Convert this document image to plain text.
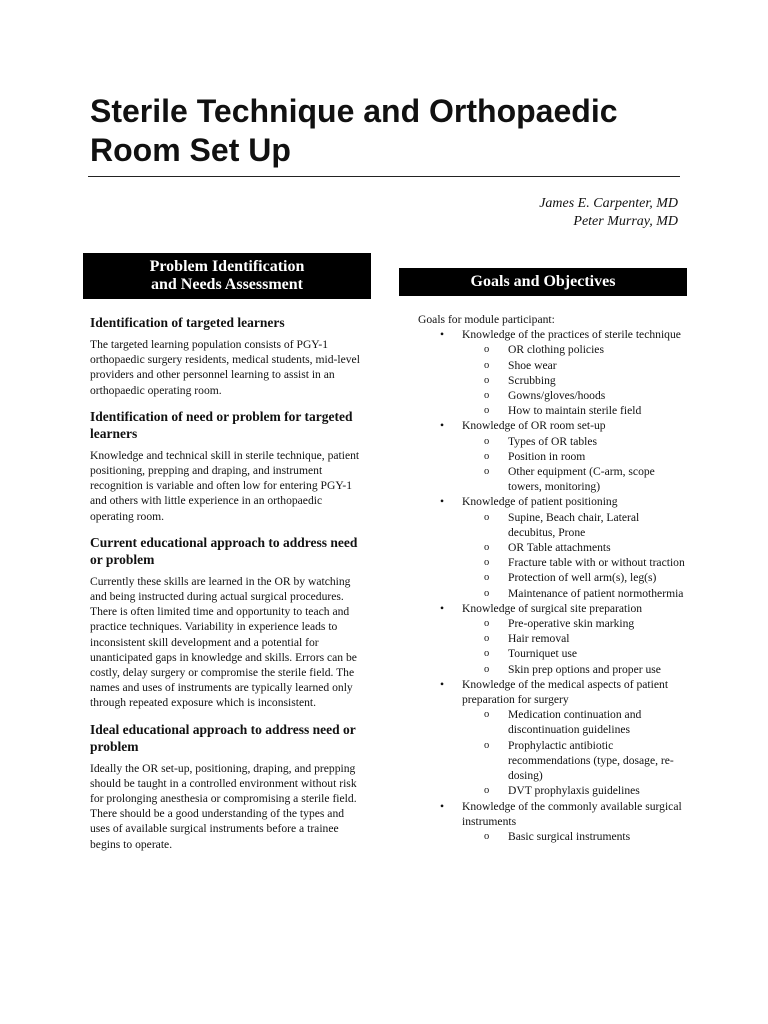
Sterile Technique and Orthopaedic Room Set Up
James E. Carpenter, MD
Peter Murray, MD
Problem Identification
and Needs Assessment	Goals and Objectives
Identification of targeted learners
The targeted learning population consists of PGY-1 orthopaedic surgery residents, medical students, mid-level providers and other personnel learning to assist in an orthopaedic operating room.
Identification of need or problem for targeted learners
Knowledge and technical skill in sterile technique, patient positioning, prepping and draping, and instrument recognition is variable and often low for entering PGY-1 and others with little experience in an orthopaedic operating room.
Current educational approach to address need or problem
Currently these skills are learned in the OR by watching and being instructed during actual surgical procedures. There is often limited time and opportunity to teach and practice techniques. Variability in experience leads to inconsistent skill development and a potential for unanticipated gaps in knowledge and skills. Errors can be costly, delay surgery or compromise the sterile field. The names and uses of instruments are typically learned only through repeated exposure which is inconsistent.
Ideal educational approach to address need or problem
Ideally the OR set-up, positioning, draping, and prepping should be taught in a controlled environment without risk for prolonging anesthesia or compromising a sterile field. There should be a good understanding of the types and uses of available surgical instruments before a trainee begins to operate.
Goals for module participant:
• Knowledge of the practices of sterile technique
o OR clothing policies
o Shoe wear
o Scrubbing
o Gowns/gloves/hoods
o How to maintain sterile field
• Knowledge of OR room set-up
o Types of OR tables
o Position in room
o Other equipment (C-arm, scope towers, monitoring)
• Knowledge of patient positioning
o Supine, Beach chair, Lateral decubitus, Prone
o OR Table attachments
o Fracture table with or without traction
o Protection of well arm(s), leg(s)
o Maintenance of patient normothermia
• Knowledge of surgical site preparation
o Pre-operative skin marking
o Hair removal
o Tourniquet use
o Skin prep options and proper use
• Knowledge of the medical aspects of patient preparation for surgery
o Medication continuation and discontinuation guidelines
o Prophylactic antibiotic recommendations (type, dosage, re-dosing)
o DVT prophylaxis guidelines
• Knowledge of the commonly available surgical instruments
o Basic surgical instruments
